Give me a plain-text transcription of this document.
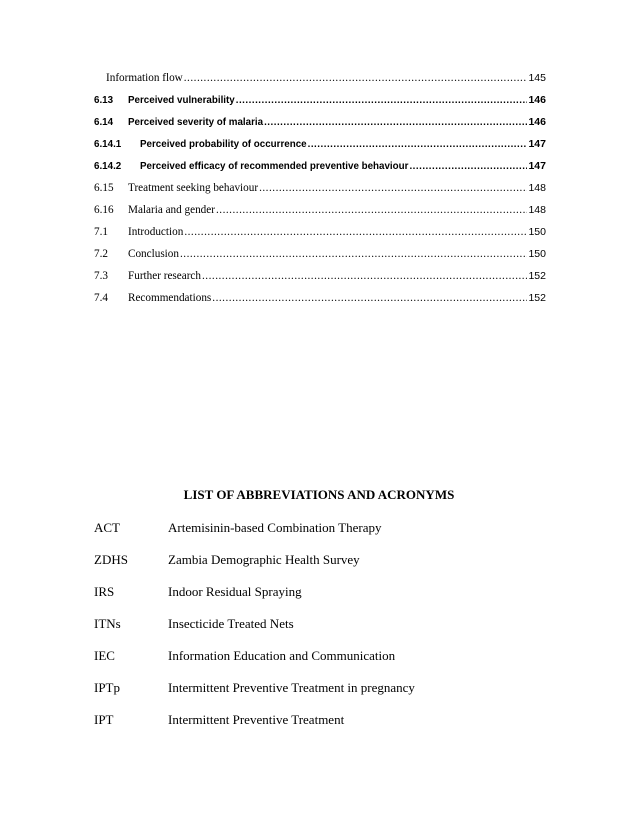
Information flow .....	145
6.13	Perceived vulnerability .....	146
6.14	Perceived severity of malaria .....	146
6.14.1	Perceived probability of occurrence .....	147
6.14.2	Perceived efficacy of recommended preventive behaviour .....	147
6.15	Treatment seeking behaviour .....	148
6.16	Malaria and gender .....	148
7.1	Introduction .....	150
7.2	Conclusion .....	150
7.3	Further research .....	152
7.4	Recommendations .....	152
LIST OF ABBREVIATIONS AND ACRONYMS
ACT	Artemisinin-based Combination Therapy
ZDHS	Zambia Demographic Health Survey
IRS	Indoor Residual Spraying
ITNs	Insecticide Treated Nets
IEC	Information Education and Communication
IPTp	Intermittent Preventive Treatment in pregnancy
IPT	Intermittent Preventive Treatment
